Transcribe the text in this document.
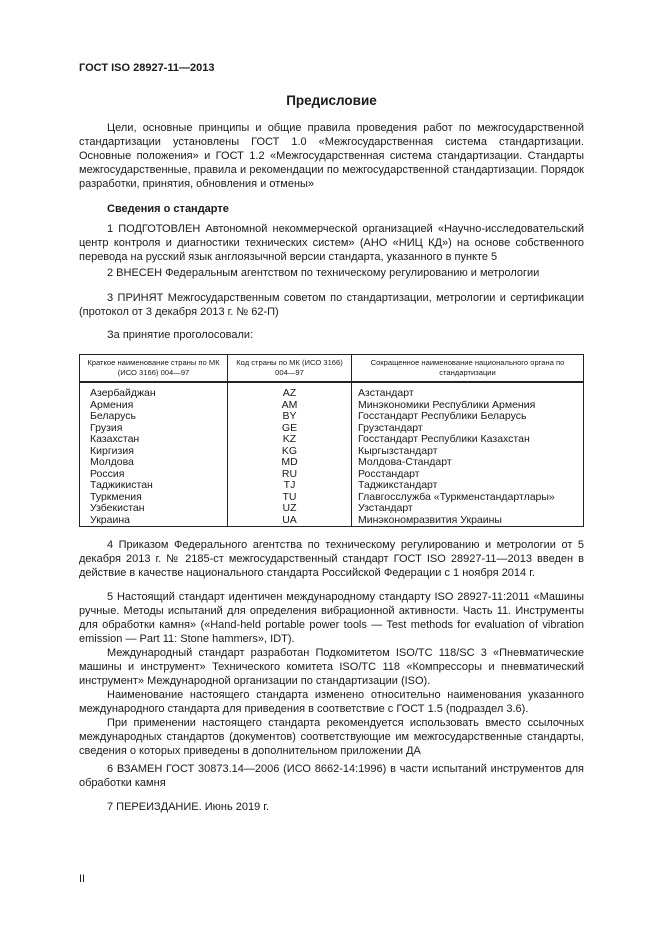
ГОСТ ISO 28927-11—2013
Предисловие
Цели, основные принципы и общие правила проведения работ по межгосударственной стандартизации установлены ГОСТ 1.0 «Межгосударственная система стандартизации. Основные положения» и ГОСТ 1.2 «Межгосударственная система стандартизации. Стандарты межгосударственные, правила и рекомендации по межгосударственной стандартизации. Порядок разработки, принятия, обновления и отмены»
Сведения о стандарте
1 ПОДГОТОВЛЕН Автономной некоммерческой организацией «Научно-исследовательский центр контроля и диагностики технических систем» (АНО «НИЦ КД») на основе собственного перевода на русский язык англоязычной версии стандарта, указанного в пункте 5
2 ВНЕСЕН Федеральным агентством по техническому регулированию и метрологии
3 ПРИНЯТ Межгосударственным советом по стандартизации, метрологии и сертификации (протокол от 3 декабря 2013 г. № 62-П)
За принятие проголосовали:
Краткое наименование страны по МК (ИСО 3166) 004—97	Код страны по МК (ИСО 3166) 004—97	Сокращенное наименование национального органа по стандартизации
Азербайджан	AZ	Азстандарт
Армения	AM	Минэкономики Республики Армения
Беларусь	BY	Госстандарт Республики Беларусь
Грузия	GE	Грузстандарт
Казахстан	KZ	Госстандарт Республики Казахстан
Киргизия	KG	Кыргызстандарт
Молдова	MD	Молдова-Стандарт
Россия	RU	Росстандарт
Таджикистан	TJ	Таджикстандарт
Туркмения	TU	Главгосслужба «Туркменстандартлары»
Узбекистан	UZ	Узстандарт
Украина	UA	Минэкономразвития Украины
4 Приказом Федерального агентства по техническому регулированию и метрологии от 5 декабря 2013 г. № 2185-ст межгосударственный стандарт ГОСТ ISO 28927-11—2013 введен в действие в качестве национального стандарта Российской Федерации с 1 ноября 2014 г.
5 Настоящий стандарт идентичен международному стандарту ISO 28927-11:2011 «Машины ручные. Методы испытаний для определения вибрационной активности. Часть 11. Инструменты для обработки камня» («Hand-held portable power tools — Test methods for evaluation of vibration emission — Part 11: Stone hammers», IDT).
Международный стандарт разработан Подкомитетом ISO/TC 118/SC 3 «Пневматические машины и инструмент» Технического комитета ISO/TC 118 «Компрессоры и пневматический инструмент» Международной организации по стандартизации (ISO).
Наименование настоящего стандарта изменено относительно наименования указанного международного стандарта для приведения в соответствие с ГОСТ 1.5 (подраздел 3.6).
При применении настоящего стандарта рекомендуется использовать вместо ссылочных международных стандартов (документов) соответствующие им межгосударственные стандарты, сведения о которых приведены в дополнительном приложении ДА
6 ВЗАМЕН ГОСТ 30873.14—2006 (ИСО 8662-14:1996) в части испытаний инструментов для обработки камня
7 ПЕРЕИЗДАНИЕ. Июнь 2019 г.
II
